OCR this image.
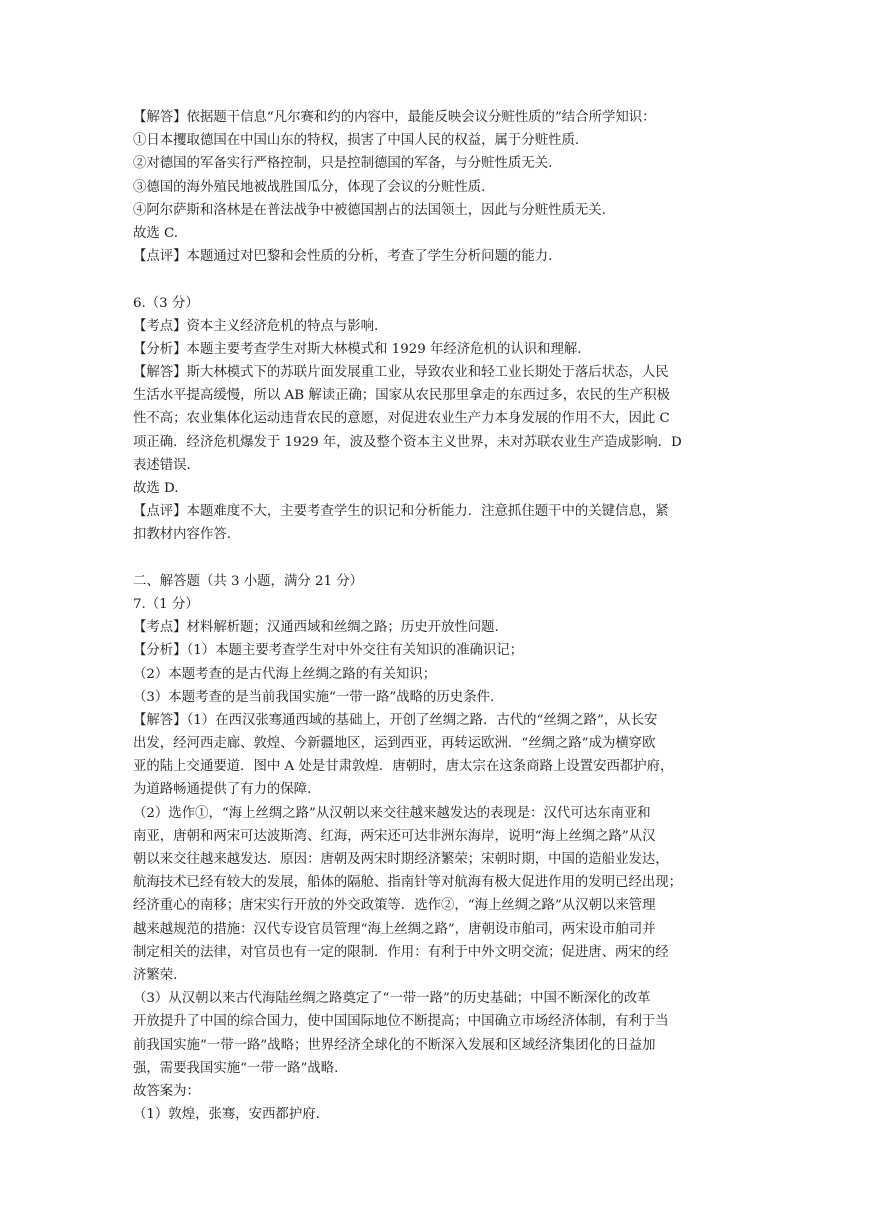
【解答】依据题干信息“凡尔赛和约的内容中，最能反映会议分赃性质的”结合所学知识：
①日本攫取德国在中国山东的特权，损害了中国人民的权益，属于分赃性质.
②对德国的军备实行严格控制，只是控制德国的军备，与分赃性质无关.
③德国的海外殖民地被战胜国瓜分，体现了会议的分赃性质.
④阿尔萨斯和洛林是在普法战争中被德国割占的法国领土，因此与分赃性质无关.
故选 C.
【点评】本题通过对巴黎和会性质的分析，考查了学生分析问题的能力.
6.（3 分）
【考点】资本主义经济危机的特点与影响.
【分析】本题主要考查学生对斯大林模式和 1929 年经济危机的认识和理解.
【解答】斯大林模式下的苏联片面发展重工业，导致农业和轻工业长期处于落后状态，人民
生活水平提高缓慢，所以 AB 解读正确；国家从农民那里拿走的东西过多，农民的生产积极
性不高；农业集体化运动违背农民的意愿，对促进农业生产力本身发展的作用不大，因此 C
项正确．经济危机爆发于 1929 年，波及整个资本主义世界，未对苏联农业生产造成影响．D
表述错误.
故选 D.
【点评】本题难度不大，主要考查学生的识记和分析能力．注意抓住题干中的关键信息，紧
扣教材内容作答.
二、解答题（共 3 小题，满分 21 分）
7.（1 分）
【考点】材料解析题；汉通西域和丝绸之路；历史开放性问题.
【分析】（1）本题主要考查学生对中外交往有关知识的准确识记；
（2）本题考查的是古代海上丝绸之路的有关知识；
（3）本题考查的是当前我国实施“一带一路”战略的历史条件.
【解答】（1）在西汉张骞通西域的基础上，开创了丝绸之路．古代的“丝绸之路”，从长安
出发，经河西走廊、敦煌、今新疆地区，运到西亚，再转运欧洲．“丝绸之路”成为横穿欧
亚的陆上交通要道．图中 A 处是甘肃敦煌．唐朝时，唐太宗在这条商路上设置安西都护府，
为道路畅通提供了有力的保障.
（2）选作①，“海上丝绸之路”从汉朝以来交往越来越发达的表现是：汉代可达东南亚和
南亚，唐朝和两宋可达波斯湾、红海，两宋还可达非洲东海岸，说明“海上丝绸之路”从汉
朝以来交往越来越发达．原因：唐朝及两宋时期经济繁荣；宋朝时期，中国的造船业发达，
航海技术已经有较大的发展，船体的隔舱、指南针等对航海有极大促进作用的发明已经出现；
经济重心的南移；唐宋实行开放的外交政策等．选作②，“海上丝绸之路”从汉朝以来管理
越来越规范的措施：汉代专设官员管理“海上丝绸之路”，唐朝设市舶司，两宋设市舶司并
制定相关的法律，对官员也有一定的限制．作用：有利于中外文明交流；促进唐、两宋的经
济繁荣.
（3）从汉朝以来古代海陆丝绸之路奠定了“一带一路”的历史基础；中国不断深化的改革
开放提升了中国的综合国力，使中国国际地位不断提高；中国确立市场经济体制，有利于当
前我国实施“一带一路”战略；世界经济全球化的不断深入发展和区域经济集团化的日益加
强，需要我国实施“一带一路”战略.
故答案为：
（1）敦煌，张骞，安西都护府.
